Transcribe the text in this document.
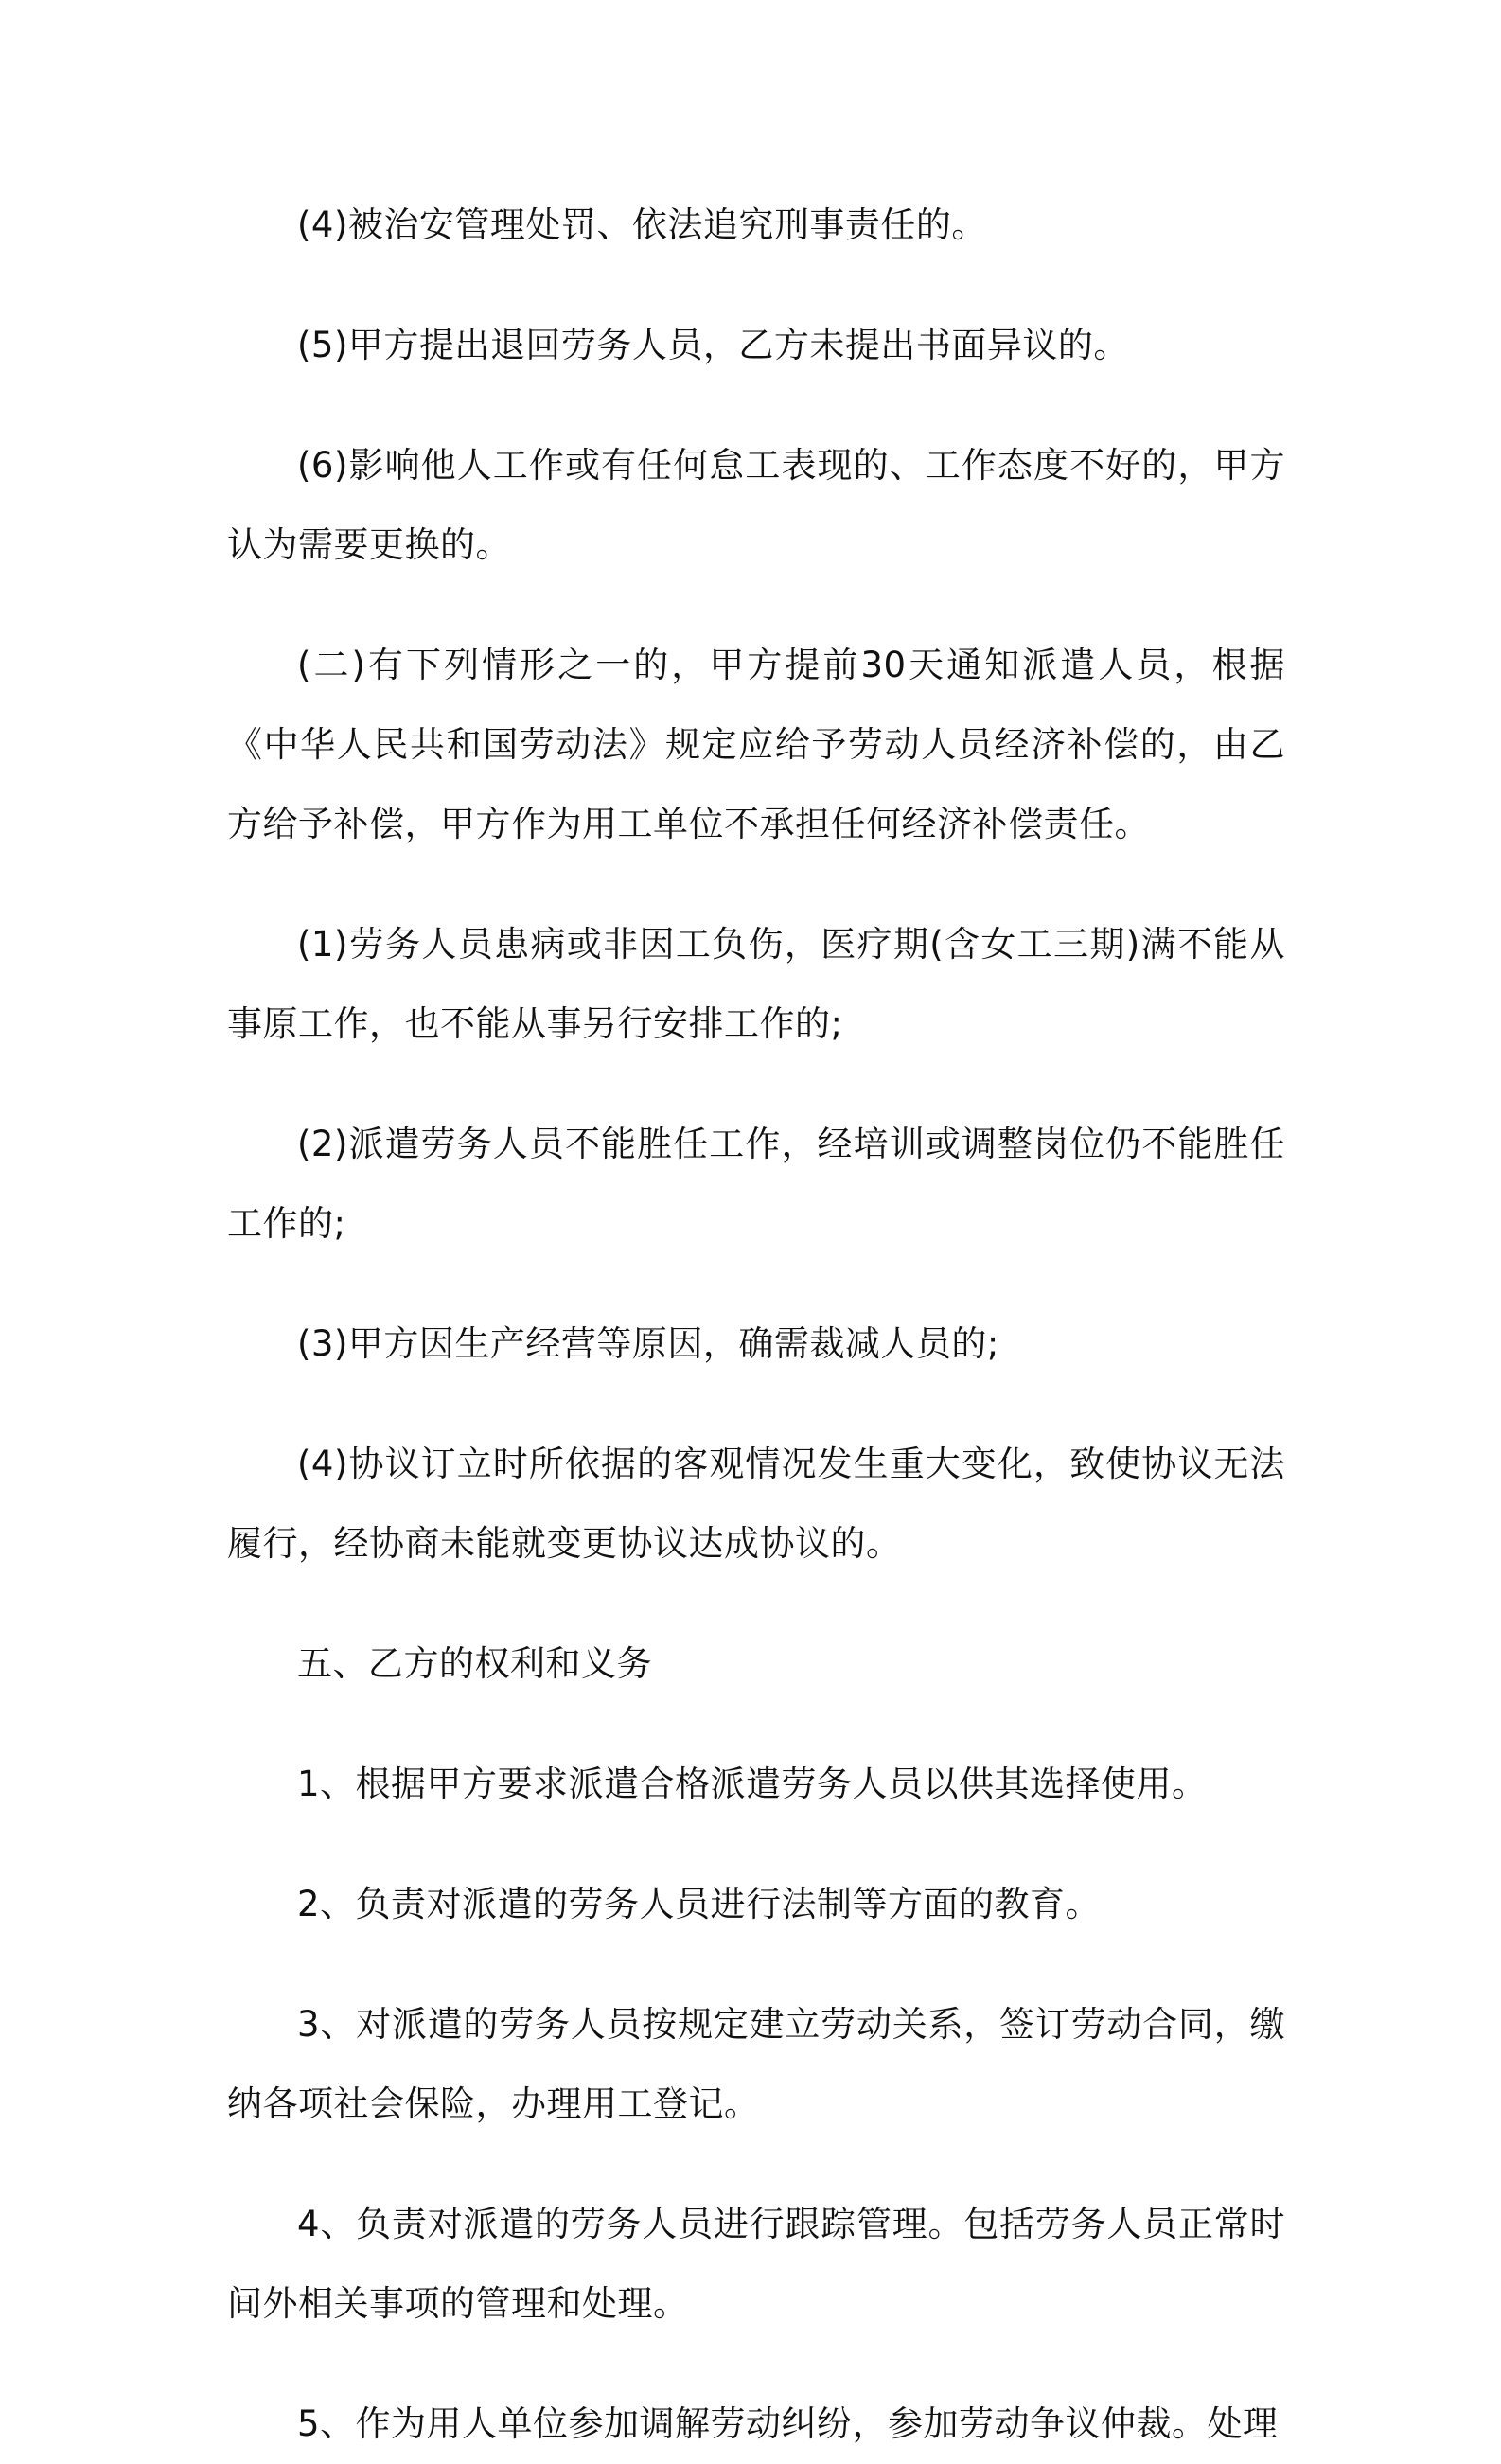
(4)被治安管理处罚、依法追究刑事责任的。

(5)甲方提出退回劳务人员，乙方未提出书面异议的。

(6)影响他人工作或有任何怠工表现的、工作态度不好的，甲方认为需要更换的。

(二)有下列情形之一的，甲方提前30天通知派遣人员，根据《中华人民共和国劳动法》规定应给予劳动人员经济补偿的，由乙方给予补偿，甲方作为用工单位不承担任何经济补偿责任。

(1)劳务人员患病或非因工负伤，医疗期(含女工三期)满不能从事原工作，也不能从事另行安排工作的;

(2)派遣劳务人员不能胜任工作，经培训或调整岗位仍不能胜任工作的;

(3)甲方因生产经营等原因，确需裁减人员的;

(4)协议订立时所依据的客观情况发生重大变化，致使协议无法履行，经协商未能就变更协议达成协议的。

五、乙方的权利和义务

1、根据甲方要求派遣合格派遣劳务人员以供其选择使用。

2、负责对派遣的劳务人员进行法制等方面的教育。

3、对派遣的劳务人员按规定建立劳动关系，签订劳动合同，缴纳各项社会保险，办理用工登记。

4、负责对派遣的劳务人员进行跟踪管理。包括劳务人员正常时间外相关事项的管理和处理。

5、作为用人单位参加调解劳动纠纷，参加劳动争议仲裁。处理
